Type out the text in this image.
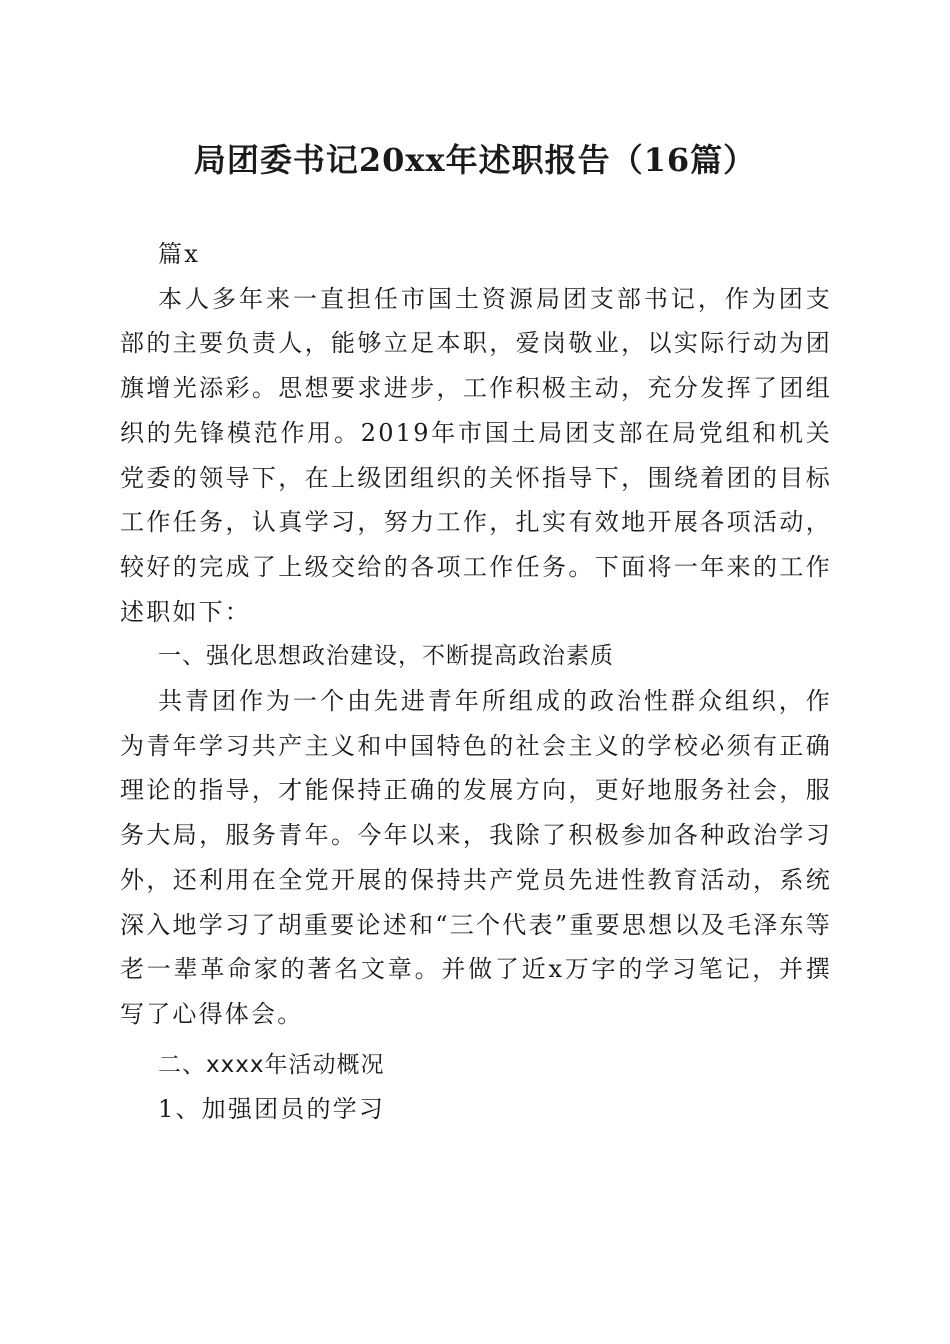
局团委书记20xx年述职报告（16篇）

篇x

本人多年来一直担任市国土资源局团支部书记，作为团支部的主要负责人，能够立足本职，爱岗敬业，以实际行动为团旗增光添彩。思想要求进步，工作积极主动，充分发挥了团组织的先锋模范作用。2019年市国土局团支部在局党组和机关党委的领导下，在上级团组织的关怀指导下，围绕着团的目标工作任务，认真学习，努力工作，扎实有效地开展各项活动，较好的完成了上级交给的各项工作任务。下面将一年来的工作述职如下：

一、强化思想政治建设，不断提高政治素质

共青团作为一个由先进青年所组成的政治性群众组织，作为青年学习共产主义和中国特色的社会主义的学校必须有正确理论的指导，才能保持正确的发展方向，更好地服务社会，服务大局，服务青年。今年以来，我除了积极参加各种政治学习外，还利用在全党开展的保持共产党员先进性教育活动，系统深入地学习了胡重要论述和“三个代表”重要思想以及毛泽东等老一辈革命家的著名文章。并做了近x万字的学习笔记，并撰写了心得体会。

二、xxxx年活动概况

1、加强团员的学习
